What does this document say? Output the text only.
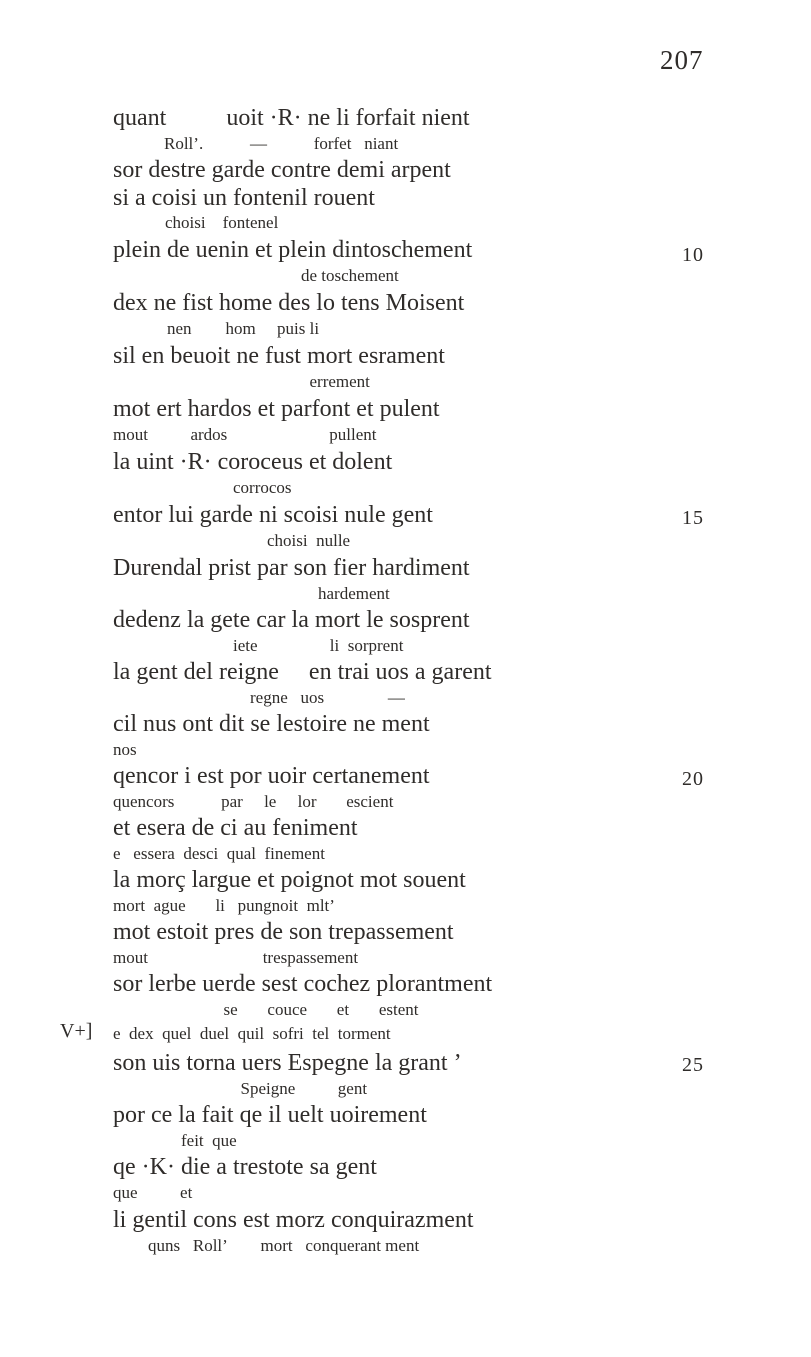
207
quant          uoit ·R· ne li forfait nient
Roll’.           —           forfet   niant
sor destre garde contre demi arpent
si a coisi un fontenil rouent
choisi    fontenel
plein de uenin et plein dintoschement
de toschement
dex ne fist home des lo tens Moisent
nen        hom     puis li
sil en beuoit ne fust mort esrament
errement
mot ert hardos et parfont et pulent
mout          ardos                        pullent
la uint ·R· coroceus et dolent
corrocos
entor lui garde ni scoisi nule gent
choisi  nulle
Durendal prist par son fier hardiment
hardement
dedenz la gete car la mort le sosprent
iete                 li  sorprent
la gent del reigne     en trai uos a garent
regne   uos               —
cil nus ont dit se lestoire ne ment
nos
qencor i est por uoir certanement
quencors           par     le     lor       escient
et esera de ci au feniment
e   essera  desci  qual  finement
la morç largue et poignot mot souent
mort  ague       li   pungnoit  mlt’
mot estoit pres de son trepassement
mout                           trespassement
sor lerbe uerde sest cochez plorantment
se       couce       et       estent
e  dex  quel  duel  quil  sofri  tel  torment
son uis torna uers Espegne la grant ’
Speigne          gent
por ce la fait qe il uelt uoirement
feit  que
qe ·K· die a trestote sa gent
que          et
li gentil cons est morz conquirazment
quns   Roll’        mort   conquerant ment
10
15
20
25
V+]
